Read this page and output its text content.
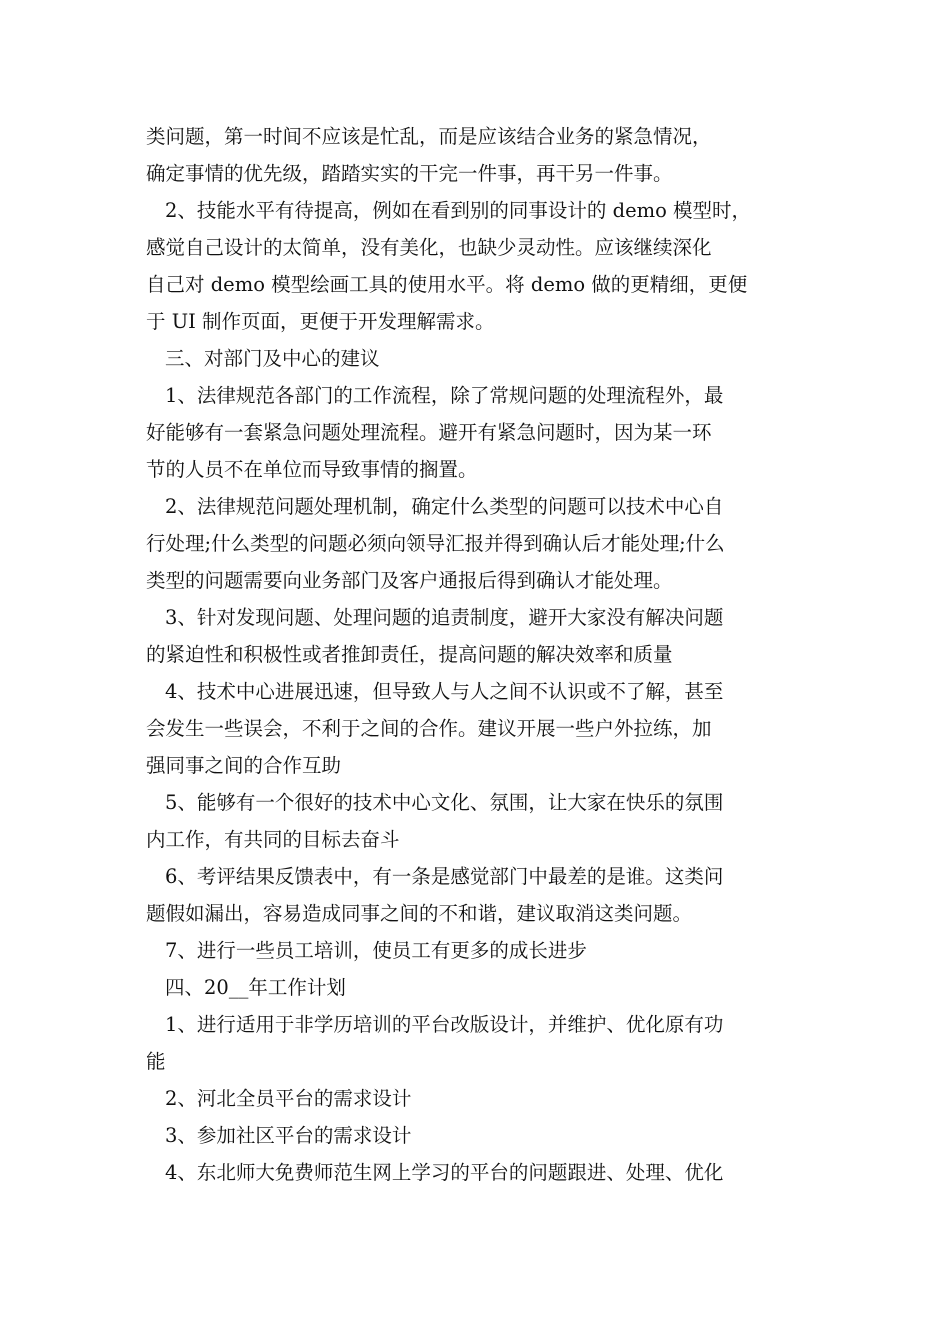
类问题，第一时间不应该是忙乱，而是应该结合业务的紧急情况，
确定事情的优先级，踏踏实实的干完一件事，再干另一件事。
2、技能水平有待提高，例如在看到别的同事设计的 demo 模型时，
感觉自己设计的太简单，没有美化，也缺少灵动性。应该继续深化
自己对 demo 模型绘画工具的使用水平。将 demo 做的更精细，更便
于 UI 制作页面，更便于开发理解需求。
三、对部门及中心的建议
1、法律规范各部门的工作流程，除了常规问题的处理流程外，最
好能够有一套紧急问题处理流程。避开有紧急问题时，因为某一环
节的人员不在单位而导致事情的搁置。
2、法律规范问题处理机制，确定什么类型的问题可以技术中心自
行处理;什么类型的问题必须向领导汇报并得到确认后才能处理;什么
类型的问题需要向业务部门及客户通报后得到确认才能处理。
3、针对发现问题、处理问题的追责制度，避开大家没有解决问题
的紧迫性和积极性或者推卸责任，提高问题的解决效率和质量
4、技术中心进展迅速，但导致人与人之间不认识或不了解，甚至
会发生一些误会，不利于之间的合作。建议开展一些户外拉练，加
强同事之间的合作互助
5、能够有一个很好的技术中心文化、氛围，让大家在快乐的氛围
内工作，有共同的目标去奋斗
6、考评结果反馈表中，有一条是感觉部门中最差的是谁。这类问
题假如漏出，容易造成同事之间的不和谐，建议取消这类问题。
7、进行一些员工培训，使员工有更多的成长进步
四、20__年工作计划
1、进行适用于非学历培训的平台改版设计，并维护、优化原有功
能
2、河北全员平台的需求设计
3、参加社区平台的需求设计
4、东北师大免费师范生网上学习的平台的问题跟进、处理、优化
